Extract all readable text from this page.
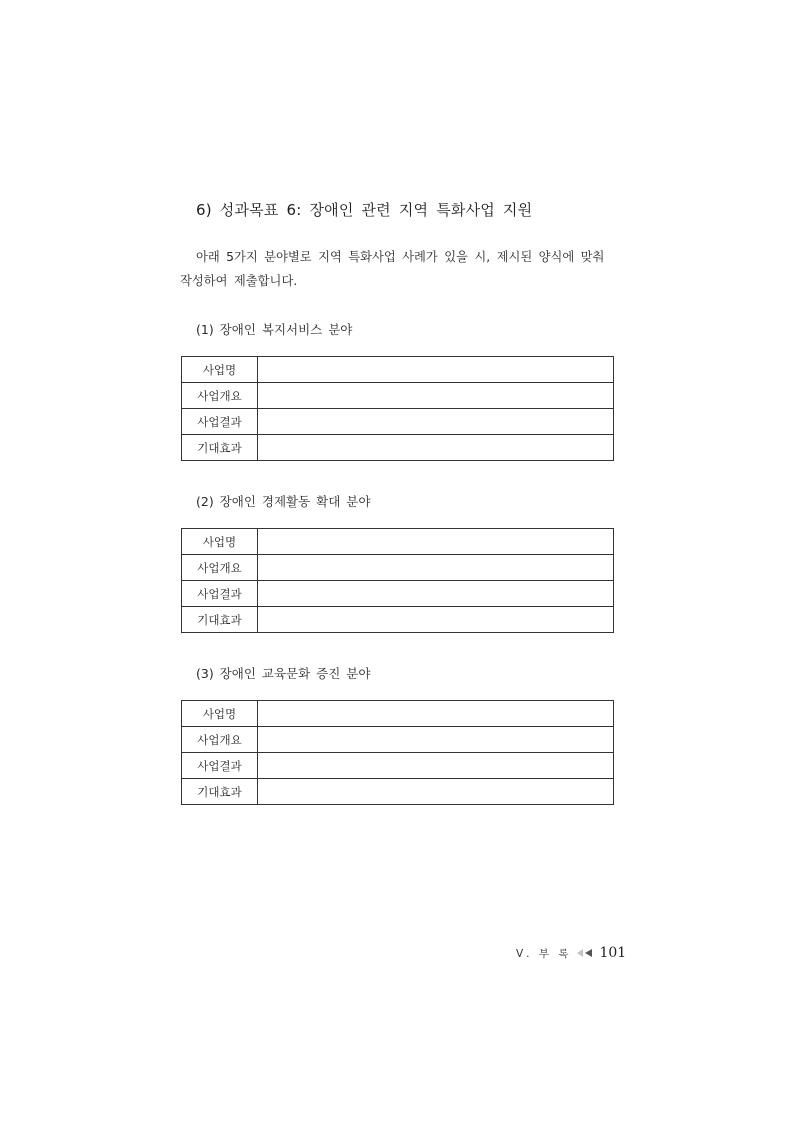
6) 성과목표 6: 장애인 관련 지역 특화사업 지원

아래 5가지 분야별로 지역 특화사업 사례가 있을 시, 제시된 양식에 맞춰 작성하여 제출합니다.

(1) 장애인 복지서비스 분야
사업명	
사업개요	
사업결과	
기대효과	
(2) 장애인 경제활동 확대 분야
사업명	
사업개요	
사업결과	
기대효과	
(3) 장애인 교육문화 증진 분야
사업명	
사업개요	
사업결과	
기대효과	
Ⅴ. 부 록 101
